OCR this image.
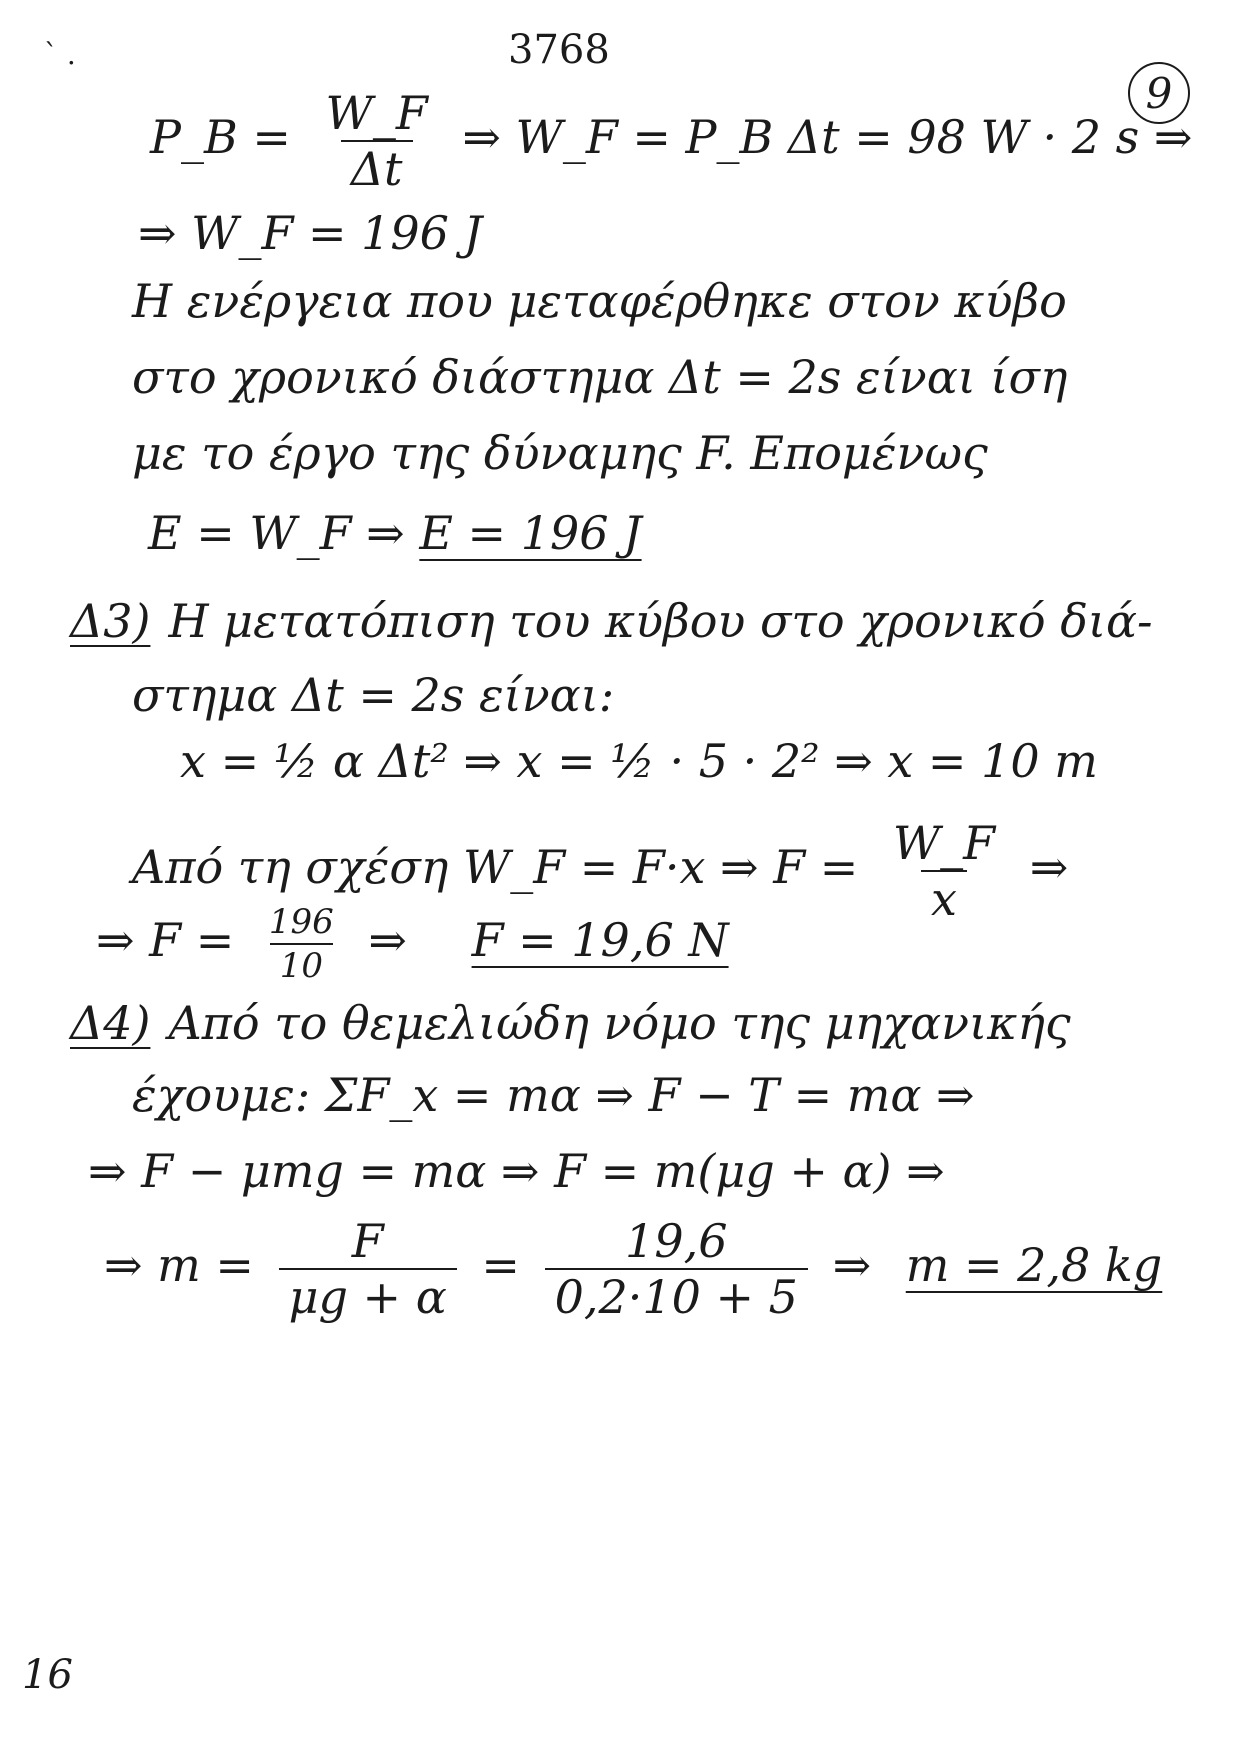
` .	3768
9
P_B = $\frac{W\_F}{\Delta t}$ ⇒ W_F = P_B Δt = 98 W · 2 s ⇒
⇒ W_F = 196 J
Η ενέργεια που μεταφέρθηκε στον κύβο
στο χρονικό διάστημα Δt = 2s είναι ίση
με το έργο της δύναμης F. Επομένως
E = W_F ⇒ E = 196 J
Δ3) Η μετατόπιση του κύβου στο χρονικό διά-
στημα Δt = 2s είναι:
x = ½ α Δt² ⇒ x = ½ · 5 · 2² ⇒ x = 10 m
Από τη σχέση W_F = F·x ⇒ $F = \frac{W\_F}{x}$ ⇒
⇒ $F = \frac{196}{10}$ ⇒ F = 19,6 N
Δ4) Από το θεμελιώδη νόμο της μηχανικής
έχουμε: ΣF_x = mα ⇒ F − T = mα ⇒
⇒ F − μmg = mα ⇒ F = m(μg + α) ⇒
⇒ $m = \frac{F}{\mu g + \alpha} = \frac{19,6}{0,2\cdot 10 + 5}$ ⇒ m = 2,8 kg
16
